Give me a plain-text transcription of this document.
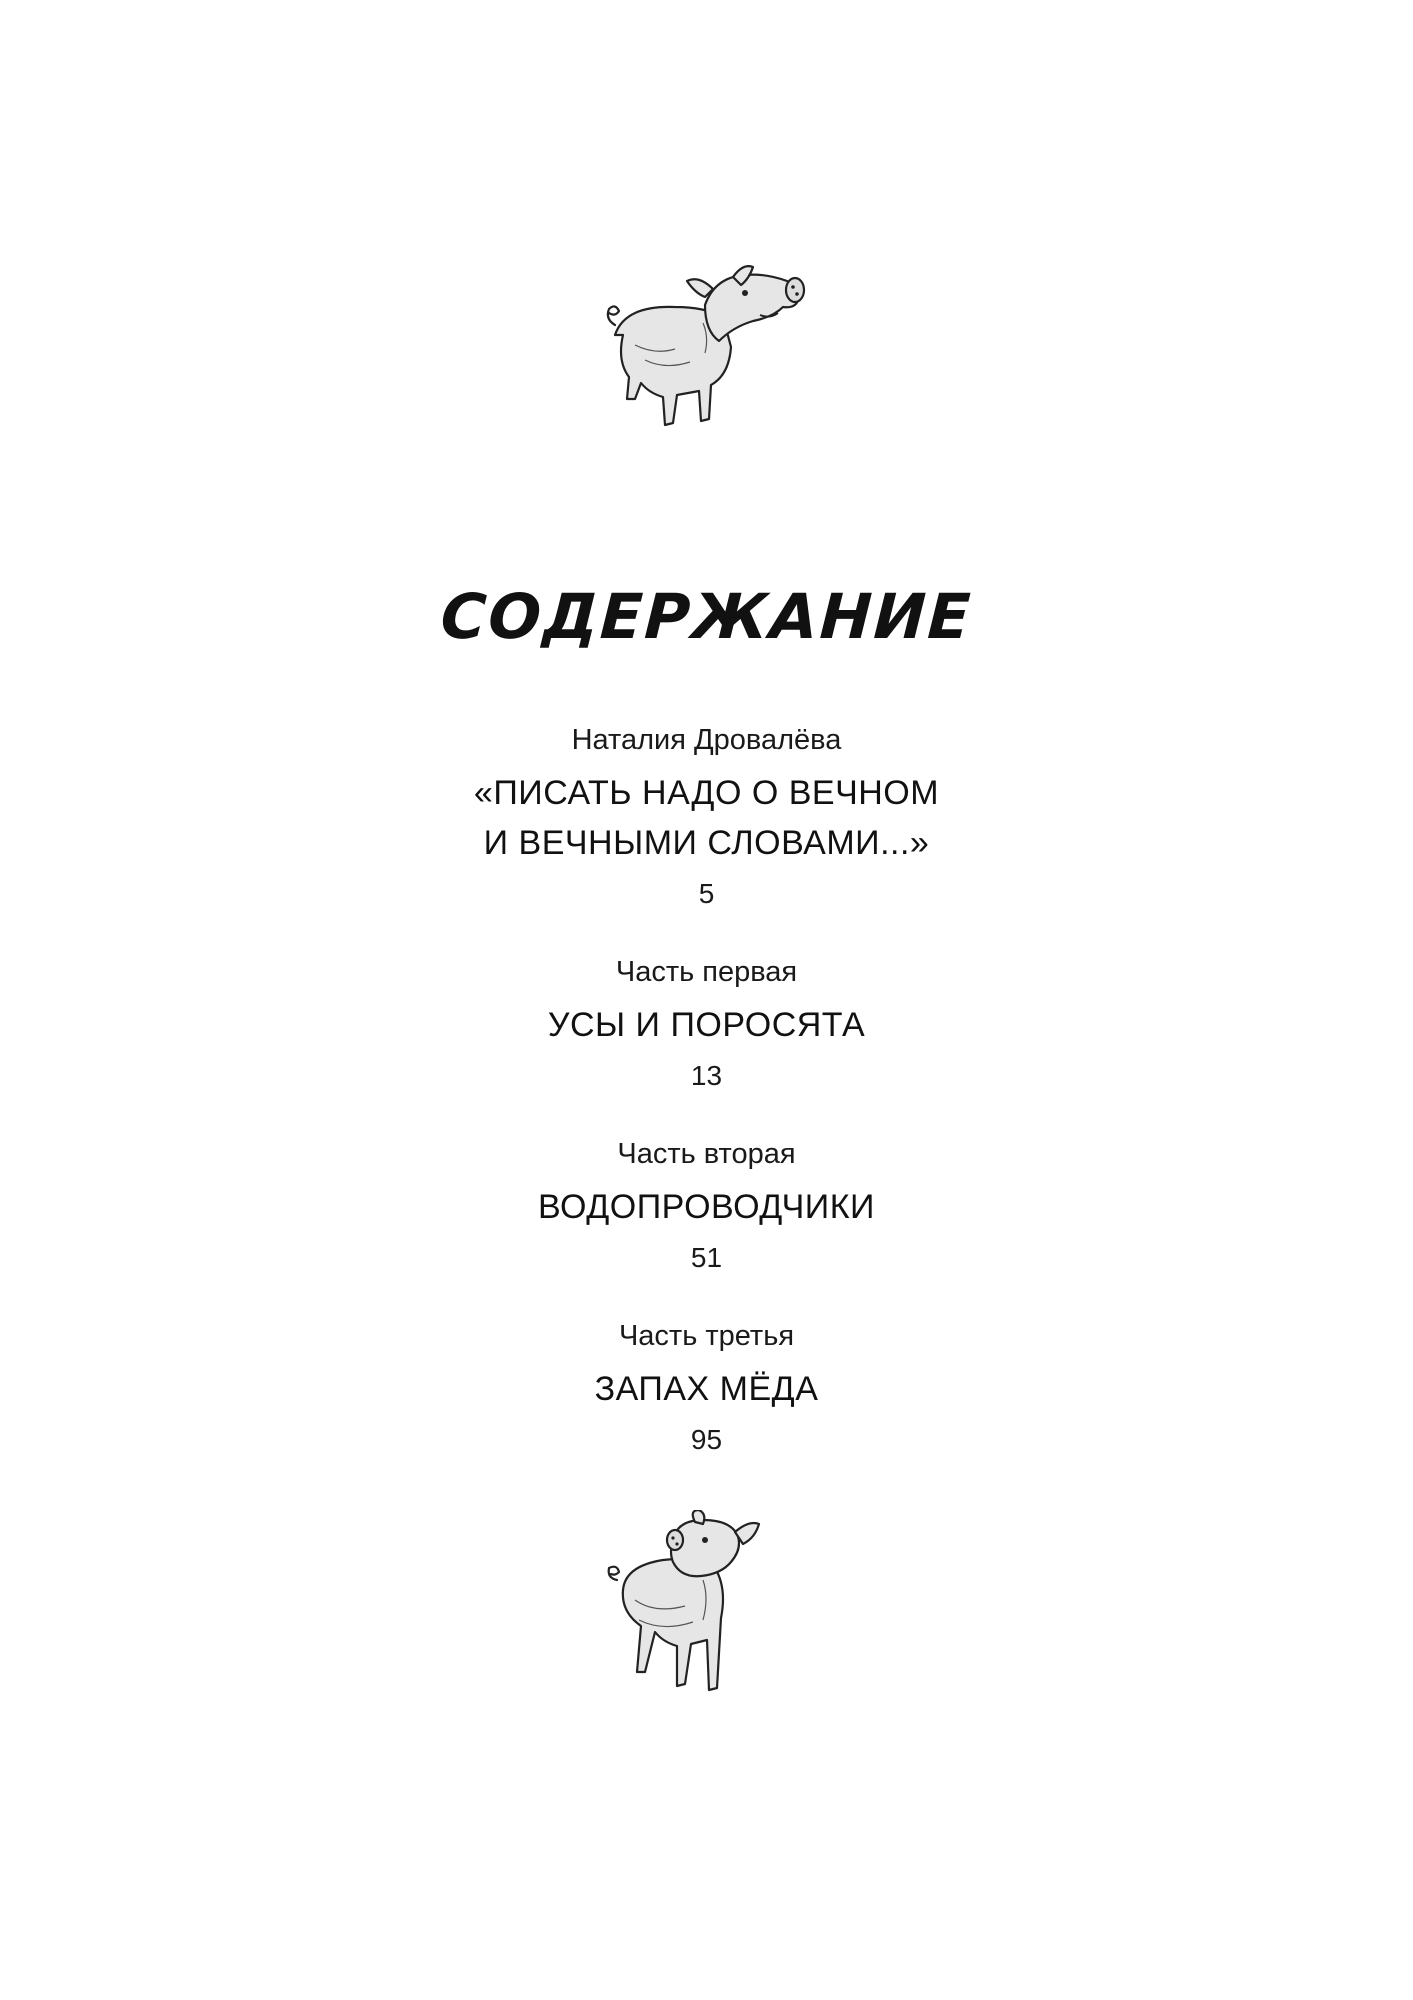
СОДЕРЖАНИЕ
Наталия Дровалёва
«ПИСАТЬ НАДО О ВЕЧНОМ
И ВЕЧНЫМИ СЛОВАМИ...»
5
Часть первая
УСЫ И ПОРОСЯТА
13
Часть вторая
ВОДОПРОВОДЧИКИ
51
Часть третья
ЗАПАХ МЁДА
95
